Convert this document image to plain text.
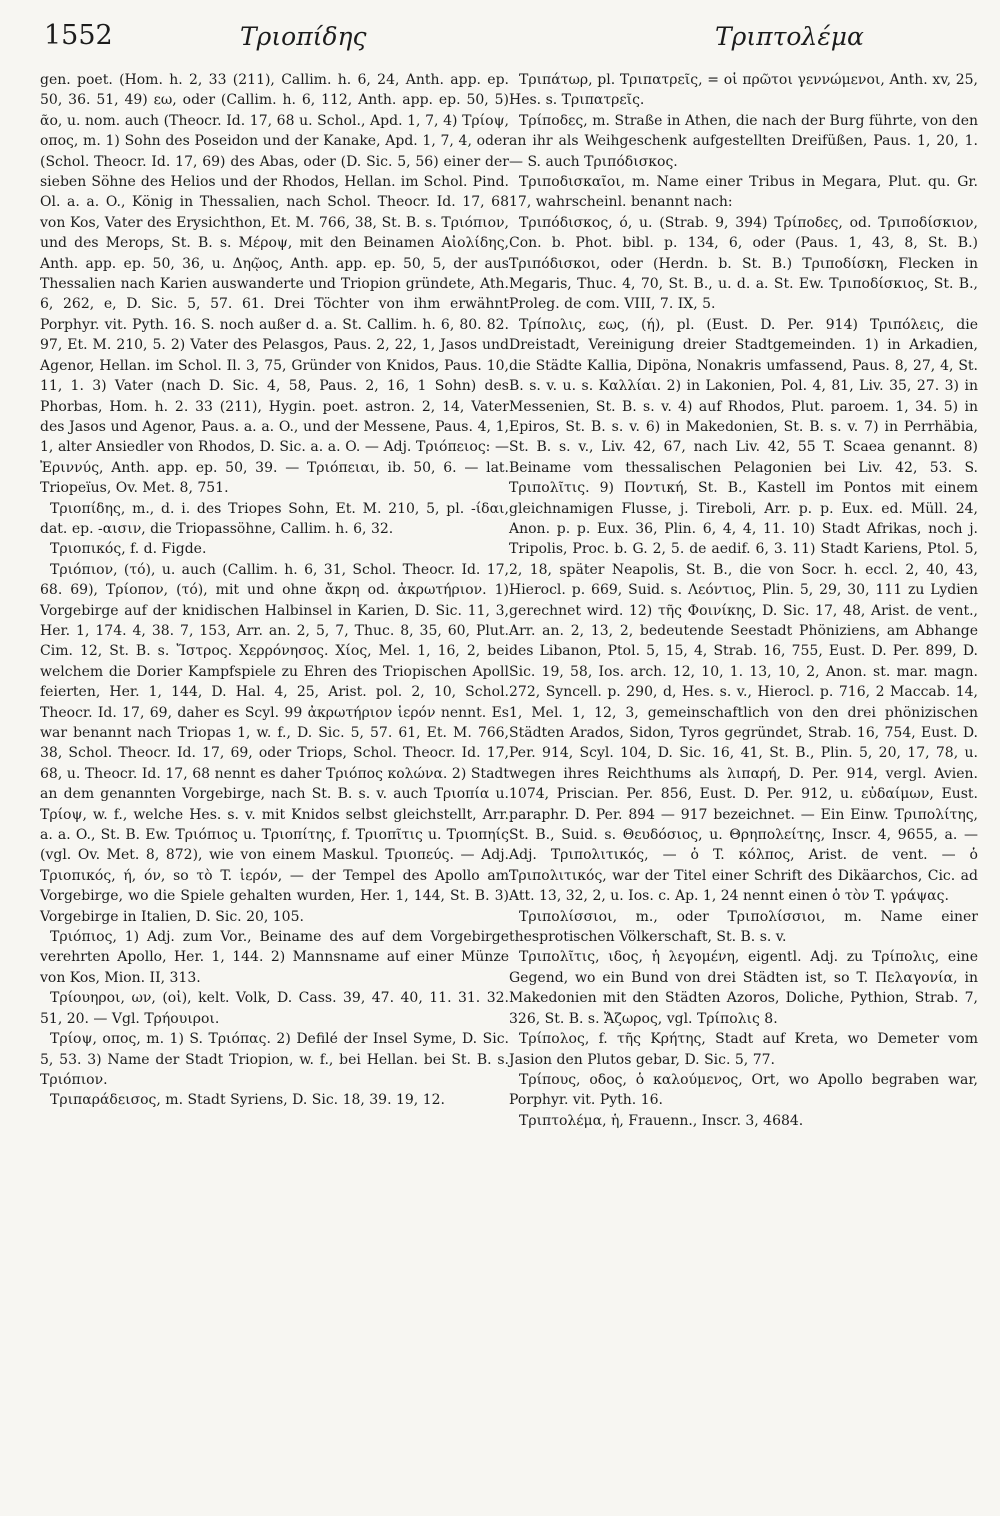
1552	Τριοπίδης	Τριπτολέμα

gen. poet. (Hom. h. 2, 33 (211), Callim. h. 6, 24, Anth. app. ep. 50, 36. 51, 49) εω, oder (Callim. h. 6, 112, Anth. app. ep. 50, 5) ᾶο, u. nom. auch (Theocr. Id. 17, 68 u. Schol., Apd. 1, 7, 4) Τρίοψ, οπος, m. 1) Sohn des Poseidon und der Kanake, Apd. 1, 7, 4, oder (Schol. Theocr. Id. 17, 69) des Abas, oder (D. Sic. 5, 56) einer der sieben Söhne des Helios und der Rhodos, Hellan. im Schol. Pind. Ol. a. a. O., König in Thessalien, nach Schol. Theocr. Id. 17, 68 von Kos, Vater des Erysichthon, Et. M. 766, 38, St. B. s. Τριόπιον, und des Merops, St. B. s. Μέροψ, mit den Beinamen Αἰολίδης, Anth. app. ep. 50, 36, u. Δηῷος, Anth. app. ep. 50, 5, der aus Thessalien nach Karien auswanderte und Triopion gründete, Ath. 6, 262, e, D. Sic. 5, 57. 61. Drei Töchter von ihm erwähnt Porphyr. vit. Pyth. 16. S. noch außer d. a. St. Callim. h. 6, 80. 82. 97, Et. M. 210, 5. 2) Vater des Pelasgos, Paus. 2, 22, 1, Jasos und Agenor, Hellan. im Schol. Il. 3, 75, Gründer von Knidos, Paus. 10, 11, 1. 3) Vater (nach D. Sic. 4, 58, Paus. 2, 16, 1 Sohn) des Phorbas, Hom. h. 2. 33 (211), Hygin. poet. astron. 2, 14, Vater des Jasos und Agenor, Paus. a. a. O., und der Messene, Paus. 4, 1, 1, alter Ansiedler von Rhodos, D. Sic. a. a. O. — Adj. Τριόπειος: — Ἐριννύς, Anth. app. ep. 50, 39. — Τριόπειαι, ib. 50, 6. — lat. Triopeïus, Ov. Met. 8, 751.

Τριοπίδης, m., d. i. des Triopes Sohn, Et. M. 210, 5, pl. -ίδαι, dat. ep. -αισιν, die Triopassöhne, Callim. h. 6, 32.

Τριοπικός, f. d. Figde.

Τριόπιον, (τό), u. auch (Callim. h. 6, 31, Schol. Theocr. Id. 17, 68. 69), Τρίοπον, (τό), mit und ohne ἄκρη od. ἀκρωτήριον. 1) Vorgebirge auf der knidischen Halbinsel in Karien, D. Sic. 11, 3, Her. 1, 174. 4, 38. 7, 153, Arr. an. 2, 5, 7, Thuc. 8, 35, 60, Plut. Cim. 12, St. B. s. Ἴστρος. Χερρόνησος. Χίος, Mel. 1, 16, 2, bei welchem die Dorier Kampfspiele zu Ehren des Triopischen Apoll feierten, Her. 1, 144, D. Hal. 4, 25, Arist. pol. 2, 10, Schol. Theocr. Id. 17, 69, daher es Scyl. 99 ἀκρωτήριον ἱερόν nennt. Es war benannt nach Triopas 1, w. f., D. Sic. 5, 57. 61, Et. M. 766, 38, Schol. Theocr. Id. 17, 69, oder Triops, Schol. Theocr. Id. 17, 68, u. Theocr. Id. 17, 68 nennt es daher Τριόπος κολώνα. 2) Stadt an dem genannten Vorgebirge, nach St. B. s. v. auch Τριοπία u. Τρίοψ, w. f., welche Hes. s. v. mit Knidos selbst gleichstellt, Arr. a. a. O., St. B. Ew. Τριόπιος u. Τριοπίτης, f. Τριοπῖτις u. Τριοπηίς (vgl. Ov. Met. 8, 872), wie von einem Maskul. Τριοπεύς. — Adj. Τριοπικός, ή, όν, so τὸ T. ἱερόν, — der Tempel des Apollo am Vorgebirge, wo die Spiele gehalten wurden, Her. 1, 144, St. B. 3) Vorgebirge in Italien, D. Sic. 20, 105.

Τριόπιος, 1) Adj. zum Vor., Beiname des auf dem Vorgebirge verehrten Apollo, Her. 1, 144. 2) Mannsname auf einer Münze von Kos, Mion. II, 313.

Τρίουηροι, ων, (οἱ), kelt. Volk, D. Cass. 39, 47. 40, 11. 31. 32. 51, 20. — Vgl. Τρήουιροι.

Τρίοψ, οπος, m. 1) S. Τριόπας. 2) Defilé der Insel Syme, D. Sic. 5, 53. 3) Name der Stadt Triopion, w. f., bei Hellan. bei St. B. s. Τριόπιον.

Τριπαράδεισος, m. Stadt Syriens, D. Sic. 18, 39. 19, 12.

Τριπάτωρ, pl. Τριπατρεῖς, = οἱ πρῶτοι γεννώμενοι, Anth. xv, 25, Hes. s. Τριπατρεῖς.

Τρίποδες, m. Straße in Athen, die nach der Burg führte, von den an ihr als Weihgeschenk aufgestellten Dreifüßen, Paus. 1, 20, 1. — S. auch Τριπόδισκος.

Τριποδισκαῖοι, m. Name einer Tribus in Megara, Plut. qu. Gr. 17, wahrscheinl. benannt nach:

Τριπόδισκος, ό, u. (Strab. 9, 394) Τρίποδες, od. Τριποδίσκιον, Con. b. Phot. bibl. p. 134, 6, oder (Paus. 1, 43, 8, St. B.) Τριπόδισκοι, oder (Herdn. b. St. B.) Τριποδίσκη, Flecken in Megaris, Thuc. 4, 70, St. B., u. d. a. St. Ew. Τριποδίσκιος, St. B., Proleg. de com. VIII, 7. IX, 5.

Τρίπολις, εως, (ή), pl. (Eust. D. Per. 914) Τριπόλεις, die Dreistadt, Vereinigung dreier Stadtgemeinden. 1) in Arkadien, die Städte Kallia, Dipöna, Nonakris umfassend, Paus. 8, 27, 4, St. B. s. v. u. s. Καλλίαι. 2) in Lakonien, Pol. 4, 81, Liv. 35, 27. 3) in Messenien, St. B. s. v. 4) auf Rhodos, Plut. paroem. 1, 34. 5) in Epiros, St. B. s. v. 6) in Makedonien, St. B. s. v. 7) in Perrhäbia, St. B. s. v., Liv. 42, 67, nach Liv. 42, 55 T. Scaea genannt. 8) Beiname vom thessalischen Pelagonien bei Liv. 42, 53. S. Τριπολῖτις. 9) Ποντική, St. B., Kastell im Pontos mit einem gleichnamigen Flusse, j. Tireboli, Arr. p. p. Eux. ed. Müll. 24, Anon. p. p. Eux. 36, Plin. 6, 4, 4, 11. 10) Stadt Afrikas, noch j. Tripolis, Proc. b. G. 2, 5. de aedif. 6, 3. 11) Stadt Kariens, Ptol. 5, 2, 18, später Neapolis, St. B., die von Socr. h. eccl. 2, 40, 43, Hierocl. p. 669, Suid. s. Λεόντιος, Plin. 5, 29, 30, 111 zu Lydien gerechnet wird. 12) τῆς Φοινίκης, D. Sic. 17, 48, Arist. de vent., Arr. an. 2, 13, 2, bedeutende Seestadt Phöniziens, am Abhange des Libanon, Ptol. 5, 15, 4, Strab. 16, 755, Eust. D. Per. 899, D. Sic. 19, 58, Ios. arch. 12, 10, 1. 13, 10, 2, Anon. st. mar. magn. 272, Syncell. p. 290, d, Hes. s. v., Hierocl. p. 716, 2 Maccab. 14, 1, Mel. 1, 12, 3, gemeinschaftlich von den drei phönizischen Städten Arados, Sidon, Tyros gegründet, Strab. 16, 754, Eust. D. Per. 914, Scyl. 104, D. Sic. 16, 41, St. B., Plin. 5, 20, 17, 78, u. wegen ihres Reichthums als λιπαρή, D. Per. 914, vergl. Avien. 1074, Priscian. Per. 856, Eust. D. Per. 912, u. εὐδαίμων, Eust. paraphr. D. Per. 894 — 917 bezeichnet. — Ein Einw. Τριπολίτης, St. B., Suid. s. Θευδόσιος, u. Θρηπολείτης, Inscr. 4, 9655, a. — Adj. Τριπολιτικός, — ὁ T. κόλπος, Arist. de vent. — ὁ Τριπολιτικός, war der Titel einer Schrift des Dikäarchos, Cic. ad Att. 13, 32, 2, u. Ios. c. Ap. 1, 24 nennt einen ὁ τὸν T. γράψας.

Τριπολίσσιοι, m., oder Τριπολίσσιοι, m. Name einer thesprotischen Völkerschaft, St. B. s. v.

Τριπολῖτις, ιδος, ἡ λεγομένη, eigentl. Adj. zu Τρίπολις, eine Gegend, wo ein Bund von drei Städten ist, so T. Πελαγονία, in Makedonien mit den Städten Azoros, Doliche, Pythion, Strab. 7, 326, St. B. s. Ἄζωρος, vgl. Τρίπολις 8.

Τρίπολος, f. τῆς Κρήτης, Stadt auf Kreta, wo Demeter vom Jasion den Plutos gebar, D. Sic. 5, 77.

Τρίπους, οδος, ὁ καλούμενος, Ort, wo Apollo begraben war, Porphyr. vit. Pyth. 16.

Τριπτολέμα, ἡ, Frauenn., Inscr. 3, 4684.
